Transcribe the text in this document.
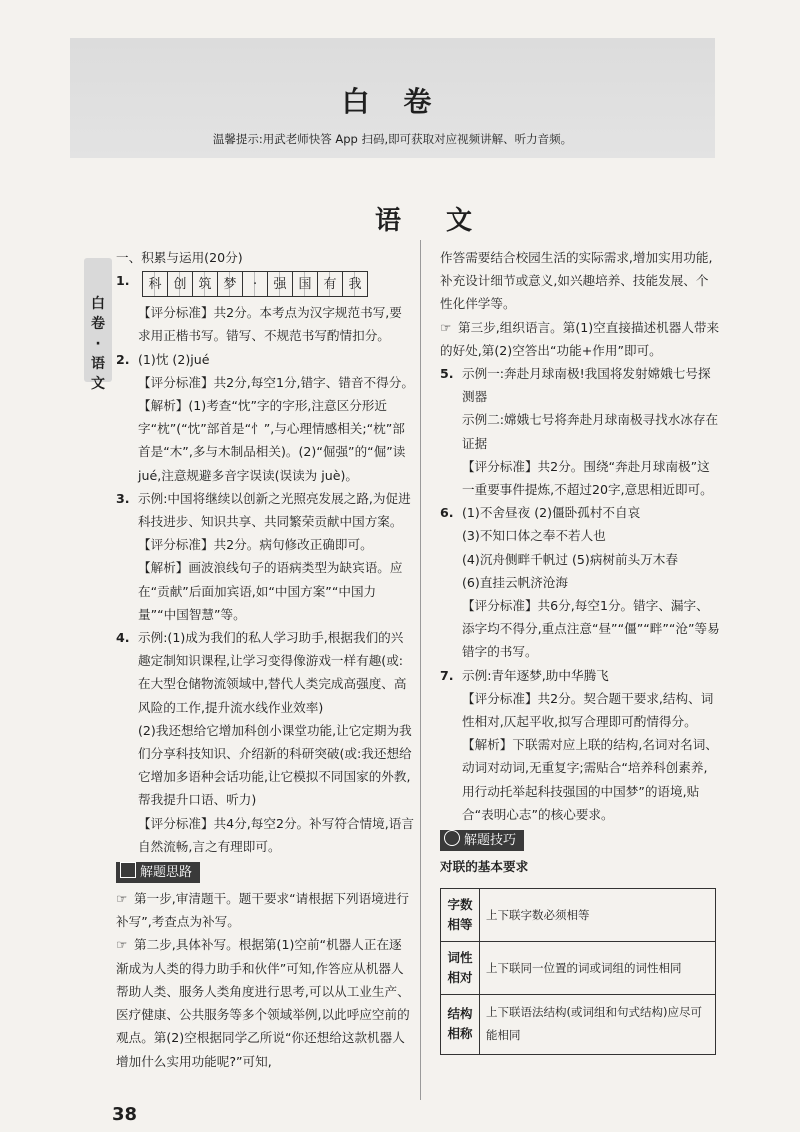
白 卷
温馨提示:用武老师快答 App 扫码,即可获取对应视频讲解、听力音频。
语 文
白卷·语文

一、积累与运用(20分)

1.	科 创 筑 梦	·	强 国 有 我

【评分标准】共2分。本考点为汉字规范书写,要求用正楷书写。错写、不规范书写酌情扣分。

2. (1)忱 (2)jué

【评分标准】共2分,每空1分,错字、错音不得分。

【解析】(1)考查“忱”字的字形,注意区分形近字“枕”(“忱”部首是“忄”,与心理情感相关;“枕”部首是“木”,多与木制品相关)。(2)“倔强”的“倔”读 jué,注意规避多音字误读(误读为 juè)。

3. 示例:中国将继续以创新之光照亮发展之路,为促进科技进步、知识共享、共同繁荣贡献中国方案。

【评分标准】共2分。病句修改正确即可。

【解析】画波浪线句子的语病类型为缺宾语。应在“贡献”后面加宾语,如“中国方案”“中国力量”“中国智慧”等。

4. 示例:(1)成为我们的私人学习助手,根据我们的兴趣定制知识课程,让学习变得像游戏一样有趣(或:在大型仓储物流领域中,替代人类完成高强度、高风险的工作,提升流水线作业效率)

(2)我还想给它增加科创小课堂功能,让它定期为我们分享科技知识、介绍新的科研突破(或:我还想给它增加多语种会话功能,让它模拟不同国家的外教,帮我提升口语、听力)

【评分标准】共4分,每空2分。补写符合情境,语言自然流畅,言之有理即可。

解题思路

☞ 第一步,审清题干。题干要求“请根据下列语境进行补写”,考查点为补写。

☞ 第二步,具体补写。根据第(1)空前“机器人正在逐渐成为人类的得力助手和伙伴”可知,作答应从机器人帮助人类、服务人类角度进行思考,可以从工业生产、医疗健康、公共服务等多个领域举例,以此呼应空前的观点。第(2)空根据同学乙所说“你还想给这款机器人增加什么实用功能呢?”可知,

作答需要结合校园生活的实际需求,增加实用功能,补充设计细节或意义,如兴趣培养、技能发展、个性化伴学等。

☞ 第三步,组织语言。第(1)空直接描述机器人带来的好处,第(2)空答出“功能+作用”即可。

5. 示例一:奔赴月球南极!我国将发射嫦娥七号探测器

示例二:嫦娥七号将奔赴月球南极寻找水冰存在证据

【评分标准】共2分。围绕“奔赴月球南极”这一重要事件提炼,不超过20字,意思相近即可。

6. (1)不舍昼夜 (2)僵卧孤村不自哀

(3)不知口体之奉不若人也

(4)沉舟侧畔千帆过 (5)病树前头万木春

(6)直挂云帆济沧海

【评分标准】共6分,每空1分。错字、漏字、添字均不得分,重点注意“昼”“僵”“畔”“沧”等易错字的书写。

7. 示例:青年逐梦,助中华腾飞

【评分标准】共2分。契合题干要求,结构、词性相对,仄起平收,拟写合理即可酌情得分。

【解析】下联需对应上联的结构,名词对名词、动词对动词,无重复字;需贴合“培养科创素养,用行动托举起科技强国的中国梦”的语境,贴合“表明心志”的核心要求。

解题技巧

对联的基本要求

字数相等	上下联字数必须相等
词性相对	上下联同一位置的词或词组的词性相同
结构相称	上下联语法结构(或词组和句式结构)应尽可能相同
38
